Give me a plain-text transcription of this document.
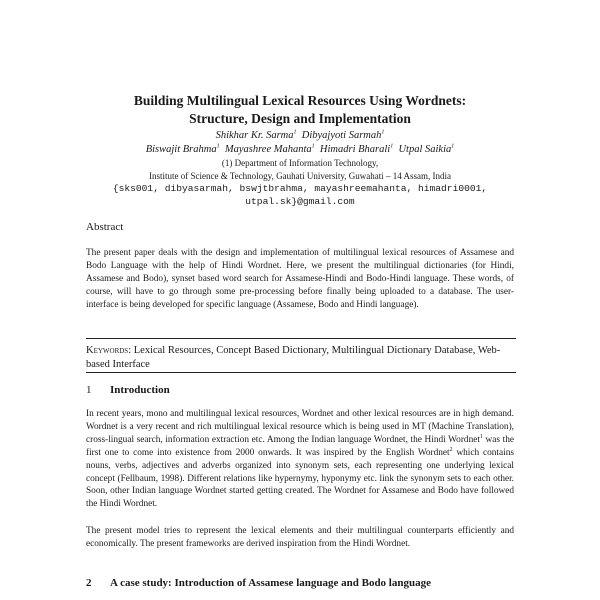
Building Multilingual Lexical Resources Using Wordnets:
Structure, Design and Implementation
Shikhar Kr. Sarma$^1$ Dibyajyoti Sarmah$^1$
Biswajit Brahma$^1$ Mayashree Mahanta$^1$ Himadri Bharali$^1$ Utpal Saikia$^1$
(1) Department of Information Technology,
Institute of Science & Technology, Gauhati University, Guwahati – 14 Assam, India
{sks001, dibyasarmah, bswjtbrahma, mayashreemahanta, himadri0001,
utpal.sk}@gmail.com
Abstract

The present paper deals with the design and implementation of multilingual lexical resources of Assamese and Bodo Language with the help of Hindi Wordnet. Here, we present the multilingual dictionaries (for Hindi, Assamese and Bodo), synset based word search for Assamese-Hindi and Bodo-Hindi language. These words, of course, will have to go through some pre-processing before finally being uploaded to a database. The user-interface is being developed for specific language (Assamese, Bodo and Hindi language).

Keywords: Lexical Resources, Concept Based Dictionary, Multilingual Dictionary Database, Web-based Interface

1 Introduction

In recent years, mono and multilingual lexical resources, Wordnet and other lexical resources are in high demand. Wordnet is a very recent and rich multilingual lexical resource which is being used in MT (Machine Translation), cross-lingual search, information extraction etc. Among the Indian language Wordnet, the Hindi Wordnet$^1$ was the first one to come into existence from 2000 onwards. It was inspired by the English Wordnet$^2$ which contains nouns, verbs, adjectives and adverbs organized into synonym sets, each representing one underlying lexical concept (Fellbaum, 1998). Different relations like hypernymy, hyponymy etc. link the synonym sets to each other. Soon, other Indian language Wordnet started getting created. The Wordnet for Assamese and Bodo have followed the Hindi Wordnet.

The present model tries to represent the lexical elements and their multilingual counterparts efficiently and economically. The present frameworks are derived inspiration from the Hindi Wordnet.

2 A case study: Introduction of Assamese language and Bodo language
